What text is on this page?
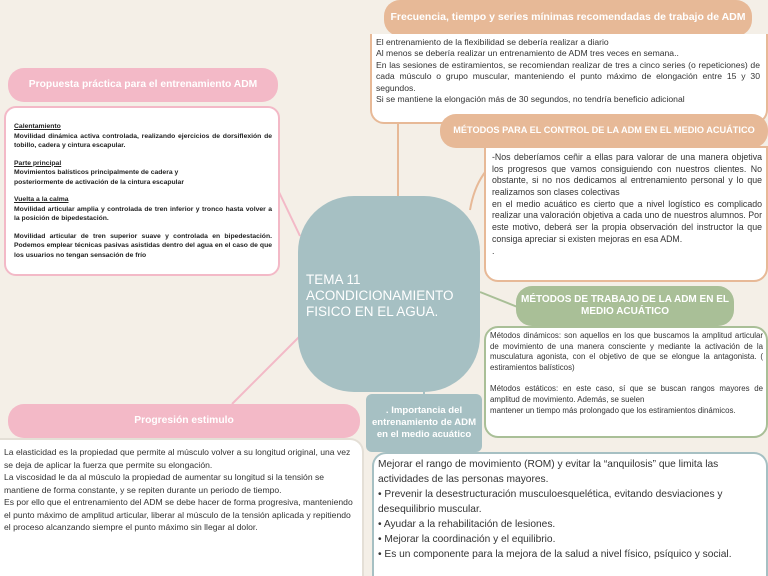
TEMA 11
ACONDICIONAMIENTO
FISICO EN EL AGUA.
Frecuencia, tiempo y series mínimas recomendadas de trabajo de ADM
El entrenamiento de la flexibilidad se debería realizar a diario
Al menos se debería realizar un entrenamiento de ADM tres veces en semana..
En las sesiones de estiramientos, se recomiendan realizar de tres a cinco series (o repeticiones) de cada músculo o grupo muscular, manteniendo el punto máximo de elongación entre 15 y 30 segundos.
Si se mantiene la elongación más de 30 segundos, no tendría beneficio adicional
-Nos deberíamos ceñir a ellas para valorar de una manera objetiva los progresos que vamos consiguiendo con nuestros clientes. No obstante, si no nos dedicamos al entrenamiento personal y lo que realizamos son clases colectivas
en el medio acuático es cierto que a nivel logístico es complicado realizar una valoración objetiva a cada uno de nuestros alumnos. Por este motivo, deberá ser la propia observación del instructor la que consiga apreciar si existen mejoras en esa ADM.
.
MÉTODOS PARA EL CONTROL DE LA ADM EN EL MEDIO ACUÁTICO
MÉTODOS DE TRABAJO DE LA ADM EN EL MEDIO ACUÁTICO
Métodos dinámicos: son aquellos en los que buscamos la amplitud articular de movimiento de una manera consciente y mediante la activación de la musculatura agonista, con el objetivo de que se elongue la antagonista. ( estiramientos balísticos)

Métodos estáticos: en este caso, sí que se buscan rangos mayores de amplitud de movimiento. Además, se suelen
mantener un tiempo más prolongado que los estiramientos dinámicos.
. Importancia del entrenamiento de ADM en el medio acuático
Mejorar el rango de movimiento (ROM) y evitar la “anquilosis” que limita las actividades de las personas mayores.
• Prevenir la desestructuración musculoesquelética, evitando desviaciones y desequilibrio muscular.
• Ayudar a la rehabilitación de lesiones.
• Mejorar la coordinación y el equilibrio.
• Es un componente para la mejora de la salud a nivel físico, psíquico y social.
Propuesta práctica para el entrenamiento ADM
Calentamiento
Movilidad dinámica activa controlada, realizando ejercicios de dorsiflexión de tobillo, cadera y cintura escapular.
Parte principal
Movimientos balísticos principalmente de cadera y
posteriormente de activación de la cintura escapular
Vuelta a la calma
Movilidad articular amplia y controlada de tren inferior y tronco hasta volver a la posición de bipedestación.
Movilidad articular de tren superior suave y controlada en bipedestación. Podemos emplear técnicas pasivas asistidas dentro del agua en el caso de que los usuarios no tengan sensación de frío
Progresión estimulo
La elasticidad es la propiedad que permite al músculo volver a su longitud original, una vez se deja de aplicar la fuerza que permite su elongación.
La viscosidad le da al músculo la propiedad de aumentar su longitud si la tensión se mantiene de forma constante, y se repiten durante un periodo de tiempo.
Es por ello que el entrenamiento del ADM se debe hacer de forma progresiva, manteniendo el punto máximo de amplitud articular, liberar al músculo de la tensión aplicada y repitiendo el proceso alcanzando siempre el punto máximo sin llegar al dolor.
